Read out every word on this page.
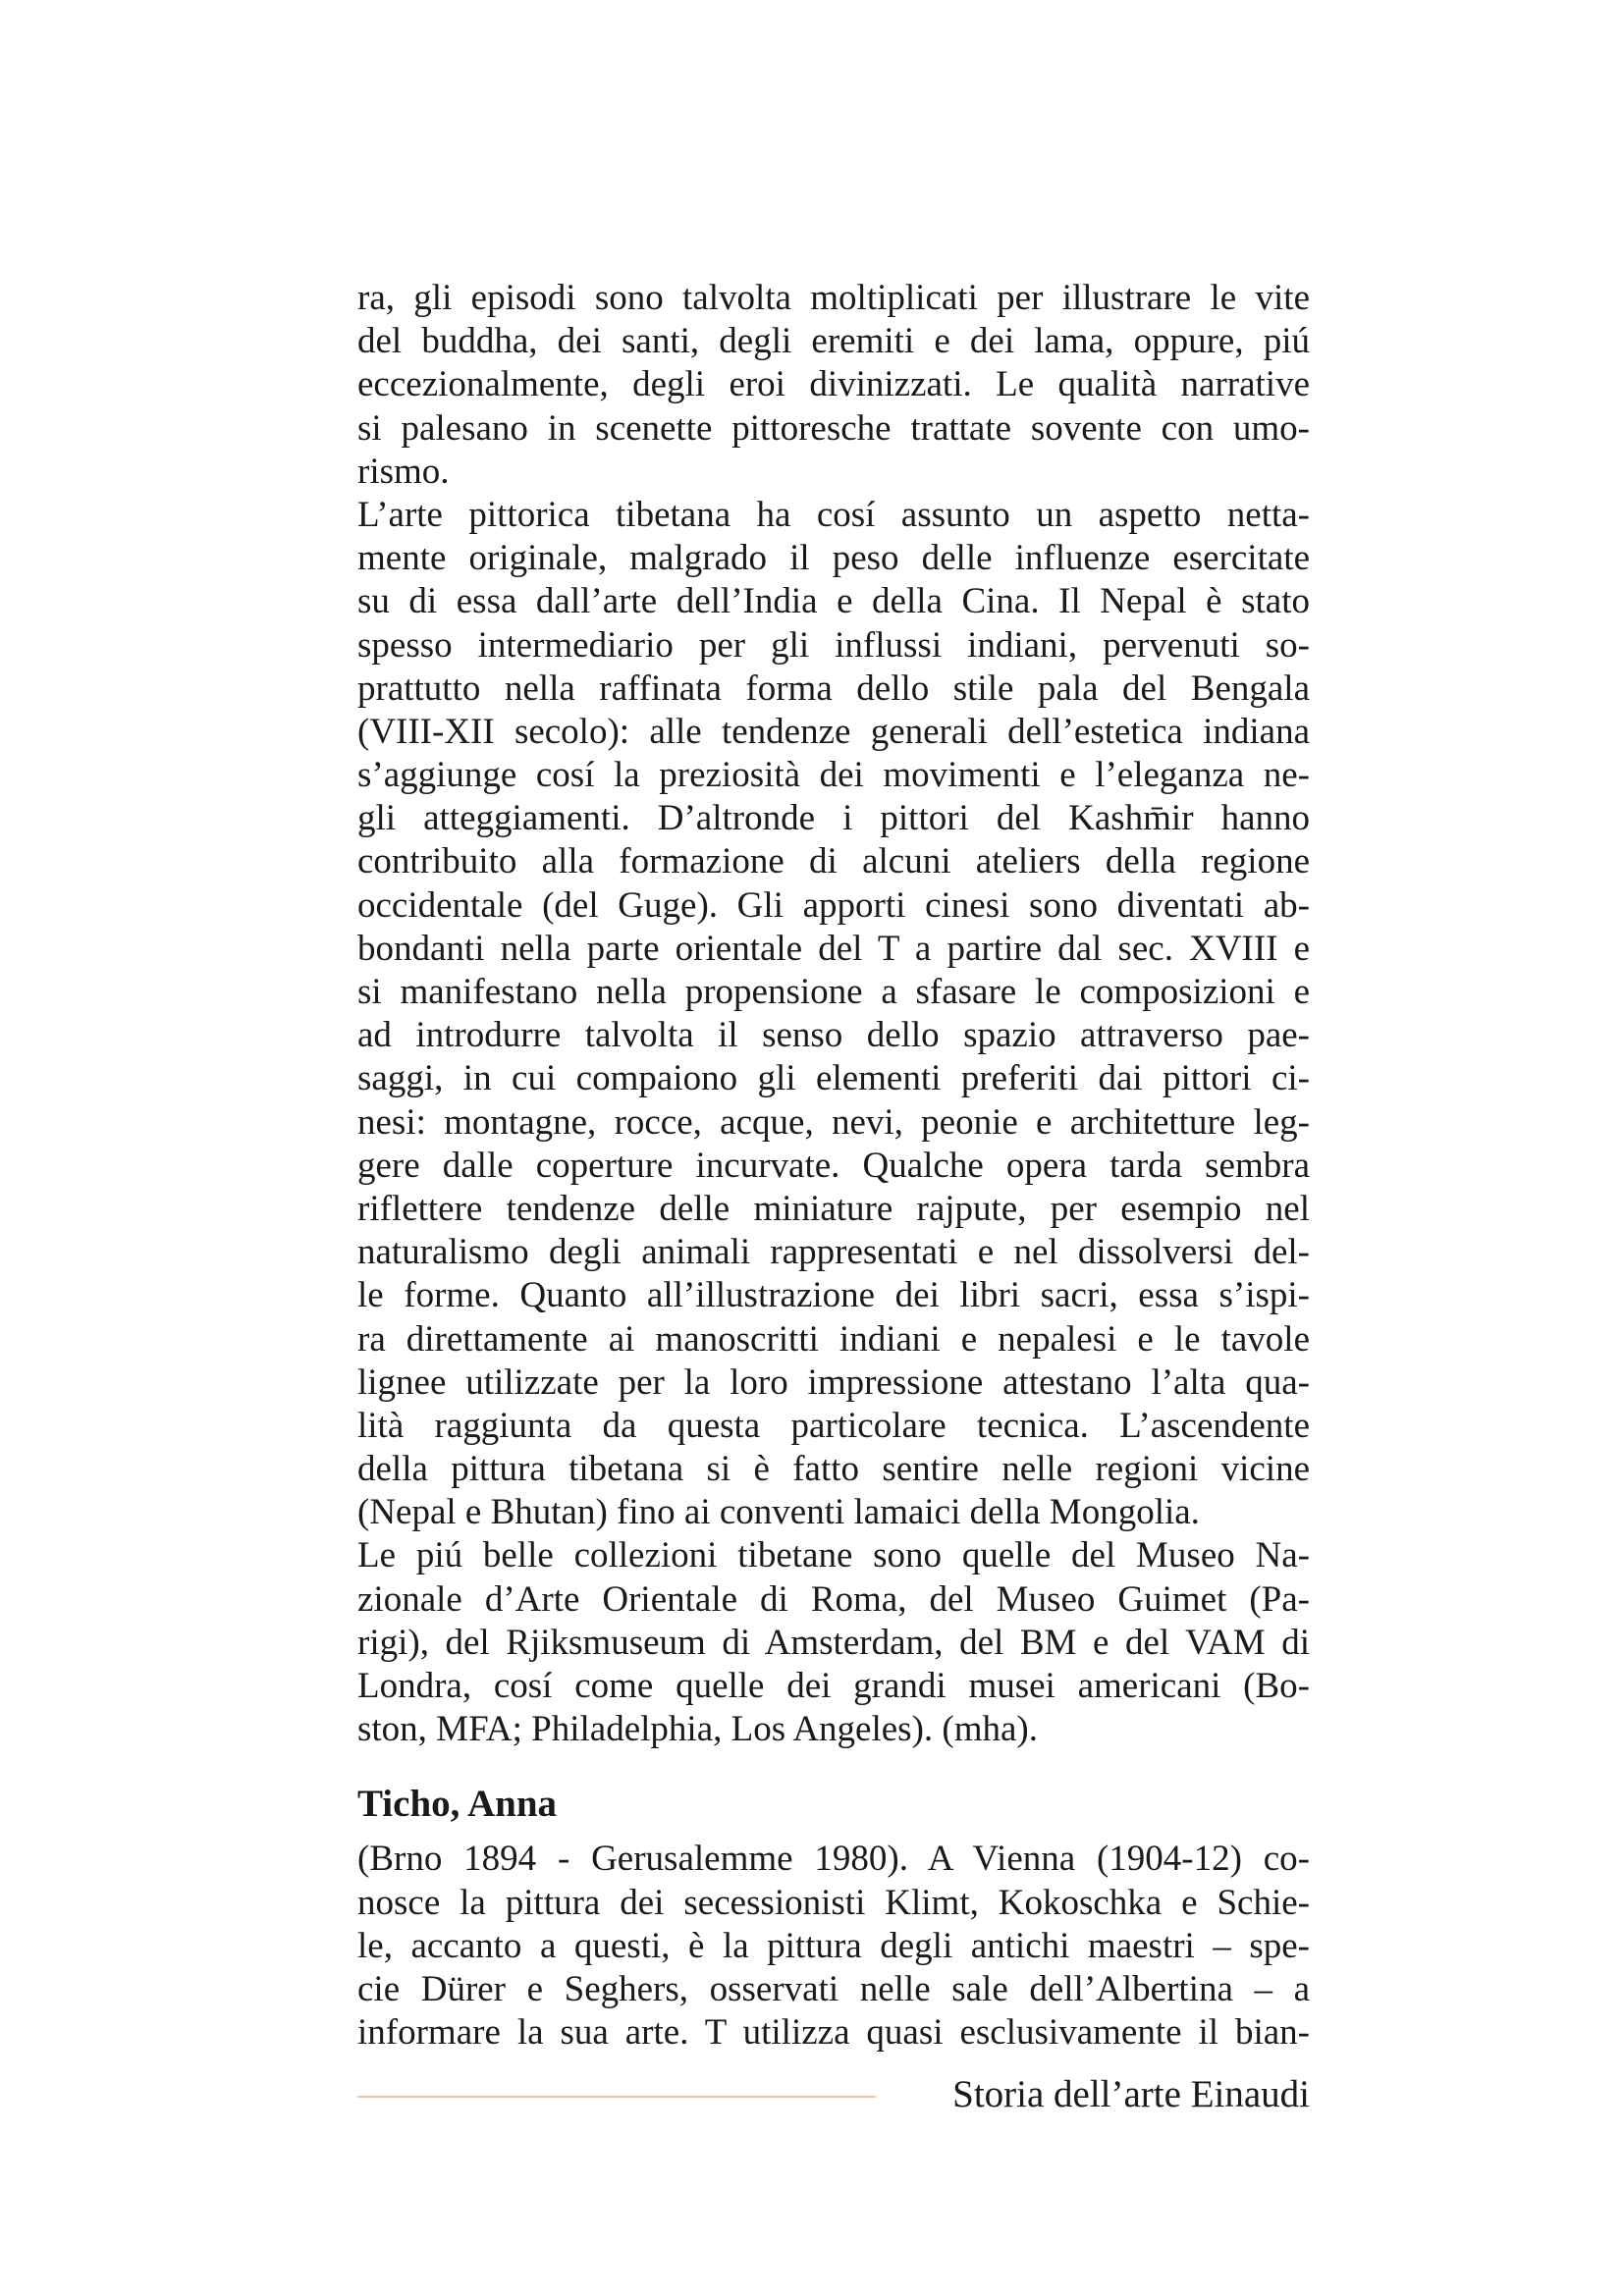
ra, gli episodi sono talvolta moltiplicati per illustrare le vite
del buddha, dei santi, degli eremiti e dei lama, oppure, piú
eccezionalmente, degli eroi divinizzati. Le qualità narrative
si palesano in scenette pittoresche trattate sovente con umo-
rismo.
L’arte pittorica tibetana ha cosí assunto un aspetto netta-
mente originale, malgrado il peso delle influenze esercitate
su di essa dall’arte dell’India e della Cina. Il Nepal è stato
spesso intermediario per gli influssi indiani, pervenuti so-
prattutto nella raffinata forma dello stile pala del Bengala
(VIII-XII secolo): alle tendenze generali dell’estetica indiana
s’aggiunge cosí la preziosità dei movimenti e l’eleganza ne-
gli atteggiamenti. D’altronde i pittori del Kashm̄ir hanno
contribuito alla formazione di alcuni ateliers della regione
occidentale (del Guge). Gli apporti cinesi sono diventati ab-
bondanti nella parte orientale del T a partire dal sec. XVIII e
si manifestano nella propensione a sfasare le composizioni e
ad introdurre talvolta il senso dello spazio attraverso pae-
saggi, in cui compaiono gli elementi preferiti dai pittori ci-
nesi: montagne, rocce, acque, nevi, peonie e architetture leg-
gere dalle coperture incurvate. Qualche opera tarda sembra
riflettere tendenze delle miniature rajpute, per esempio nel
naturalismo degli animali rappresentati e nel dissolversi del-
le forme. Quanto all’illustrazione dei libri sacri, essa s’ispi-
ra direttamente ai manoscritti indiani e nepalesi e le tavole
lignee utilizzate per la loro impressione attestano l’alta qua-
lità raggiunta da questa particolare tecnica. L’ascendente
della pittura tibetana si è fatto sentire nelle regioni vicine
(Nepal e Bhutan) fino ai conventi lamaici della Mongolia.
Le piú belle collezioni tibetane sono quelle del Museo Na-
zionale d’Arte Orientale di Roma, del Museo Guimet (Pa-
rigi), del Rjiksmuseum di Amsterdam, del BM e del VAM di
Londra, cosí come quelle dei grandi musei americani (Bo-
ston, MFA; Philadelphia, Los Angeles). (mha).
Ticho, Anna
(Brno 1894 - Gerusalemme 1980). A Vienna (1904-12) co-
nosce la pittura dei secessionisti Klimt, Kokoschka e Schie-
le, accanto a questi, è la pittura degli antichi maestri – spe-
cie Dürer e Seghers, osservati nelle sale dell’Albertina – a
informare la sua arte. T utilizza quasi esclusivamente il bian-
Storia dell’arte Einaudi
